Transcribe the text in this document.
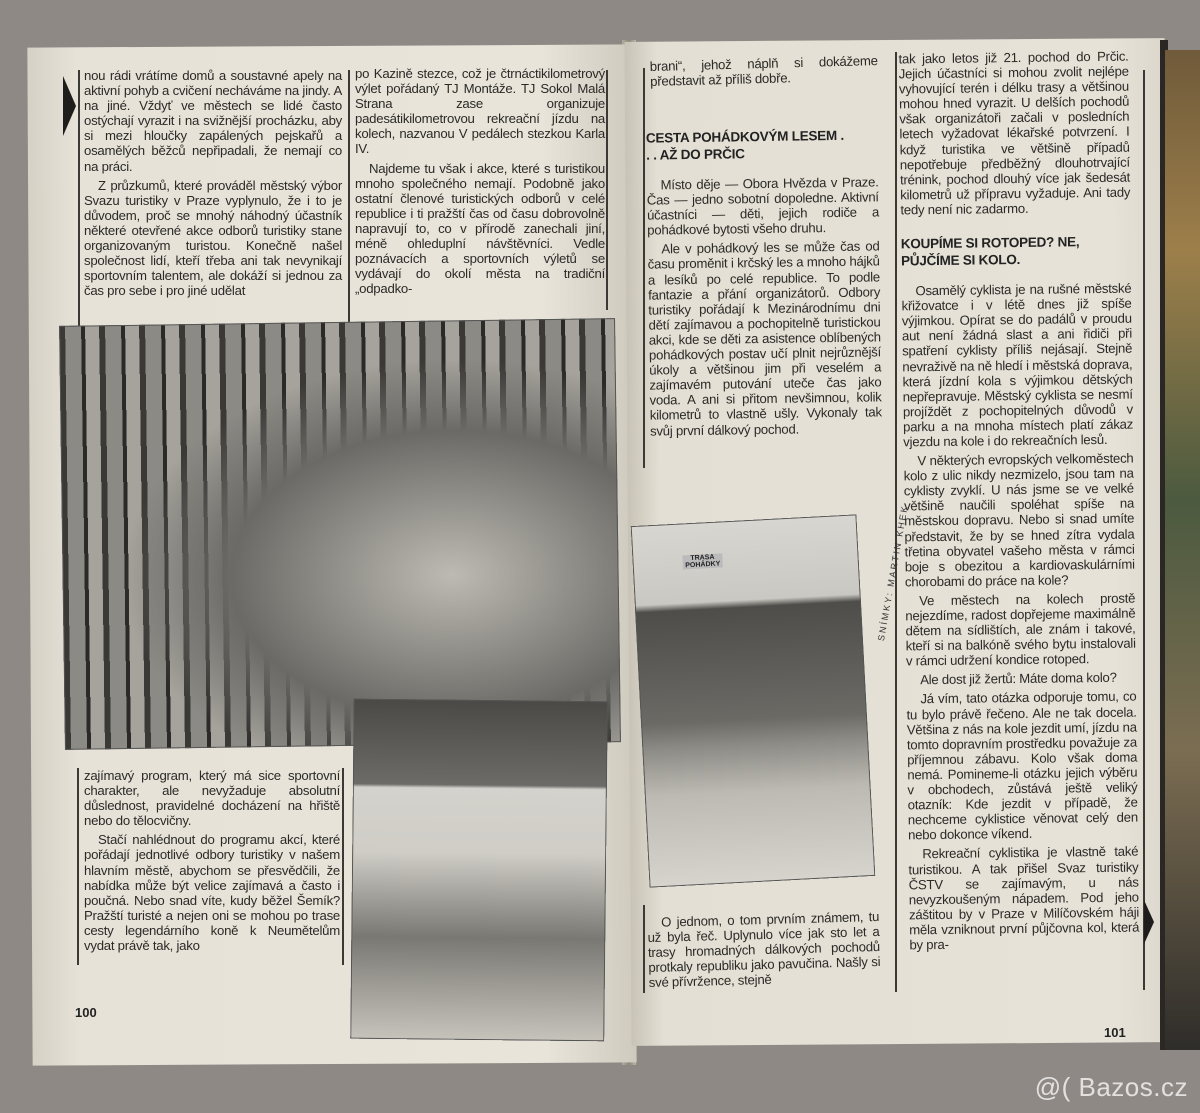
nou rádi vrátíme domů a soustavné apely na aktivní pohyb a cvičení necháváme na jindy. A na jiné. Vždyť ve městech se lidé často ostýchají vyrazit i na svižnější procházku, aby si mezi hloučky zapálených pejskařů a osamělých běžců nepřipadali, že nemají co na práci.

Z průzkumů, které prováděl městský výbor Svazu turistiky v Praze vyplynulo, že i to je důvodem, proč se mnohý náhodný účastník některé otevřené akce odborů turistiky stane organizovaným turistou. Konečně našel společnost lidí, kteří třeba ani tak nevynikají sportovním talentem, ale dokáží si jednou za čas pro sebe i pro jiné udělat

po Kazině stezce, což je čtrnáctikilometrový výlet pořádaný TJ Montáže. TJ Sokol Malá Strana zase organizuje padesátikilometrovou rekreační jízdu na kolech, nazvanou V pedálech stezkou Karla IV.

Najdeme tu však i akce, které s turistikou mnoho společného nemají. Podobně jako ostatní členové turistických odborů v celé republice i ti pražští čas od času dobrovolně napravují to, co v přírodě zanechali jiní, méně ohleduplní návštěvníci. Vedle poznávacích a sportovních výletů se vydávají do okolí města na tradiční „odpadko-

zajímavý program, který má sice sportovní charakter, ale nevyžaduje absolutní důslednost, pravidelné docházení na hřiště nebo do tělocvičny.

Stačí nahlédnout do programu akcí, které pořádají jednotlivé odbory turistiky v našem hlavním městě, abychom se přesvědčili, že nabídka může být velice zajímavá a často i poučná. Nebo snad víte, kudy běžel Šemík? Pražští turisté a nejen oni se mohou po trase cesty legendárního koně k Neumětelům vydat právě tak, jako

100

brani“, jehož náplň si dokážeme představit až příliš dobře.

CESTA POHÁDKOVÝM LESEM . . . AŽ DO PRČIC

Místo děje — Obora Hvězda v Praze. Čas — jedno sobotní dopoledne. Aktivní účastníci — děti, jejich rodiče a pohádkové bytosti všeho druhu.

Ale v pohádkový les se může čas od času proměnit i krčský les a mnoho hájků a lesíků po celé republice. To podle fantazie a přání organizátorů. Odbory turistiky pořádají k Mezinárodnímu dni dětí zajímavou a pochopitelně turistickou akci, kde se děti za asistence oblíbených pohádkových postav učí plnit nejrůznější úkoly a většinou jim při veselém a zajímavém putování uteče čas jako voda. A ani si přitom nevšimnou, kolik kilometrů to vlastně ušly. Vykonaly tak svůj první dálkový pochod.

TRASA POHÁDKY	SNÍMKY: MARTIN KHEK

O jednom, o tom prvním známem, tu už byla řeč. Uplynulo více jak sto let a trasy hromadných dálkových pochodů protkaly republiku jako pavučina. Našly si své přívržence, stejně

tak jako letos již 21. pochod do Prčic. Jejich účastníci si mohou zvolit nejlépe vyhovující terén i délku trasy a většinou mohou hned vyrazit. U delších pochodů však organizátoři začali v posledních letech vyžadovat lékařské potvrzení. I když turistika ve většině případů nepotřebuje předběžný dlouhotrvající trénink, pochod dlouhý více jak šedesát kilometrů už přípravu vyžaduje. Ani tady tedy není nic zadarmo.

KOUPÍME SI ROTOPED? NE, PŮJČÍME SI KOLO.

Osamělý cyklista je na rušné městské křižovatce i v létě dnes již spíše výjimkou. Opírat se do padálů v proudu aut není žádná slast a ani řidiči při spatření cyklisty příliš nejásají. Stejně nevraživě na ně hledí i městská doprava, která jízdní kola s výjimkou dětských nepřepravuje. Městský cyklista se nesmí projíždět z pochopitelných důvodů v parku a na mnoha místech platí zákaz vjezdu na kole i do rekreačních lesů.

V některých evropských velkoměstech kolo z ulic nikdy nezmizelo, jsou tam na cyklisty zvyklí. U nás jsme se ve velké většině naučili spoléhat spíše na městskou dopravu. Nebo si snad umíte představit, že by se hned zítra vydala třetina obyvatel vašeho města v rámci boje s obezitou a kardiovaskulárními chorobami do práce na kole?

Ve městech na kolech prostě nejezdíme, radost dopřejeme maximálně dětem na sídlištích, ale znám i takové, kteří si na balkóně svého bytu instalovali v rámci udržení kondice rotoped.

Ale dost již žertů: Máte doma kolo?

Já vím, tato otázka odporuje tomu, co tu bylo právě řečeno. Ale ne tak docela. Většina z nás na kole jezdit umí, jízdu na tomto dopravním prostředku považuje za příjemnou zábavu. Kolo však doma nemá. Pomineme-li otázku jejich výběru v obchodech, zůstává ještě veliký otazník: Kde jezdit v případě, že nechceme cyklistice věnovat celý den nebo dokonce víkend.

Rekreační cyklistika je vlastně také turistikou. A tak přišel Svaz turistiky ČSTV se zajímavým, u nás nevyzkoušeným nápadem. Pod jeho záštitou by v Praze v Milíčovském háji měla vzniknout první půjčovna kol, která by pra-

101
@( Bazos.cz
